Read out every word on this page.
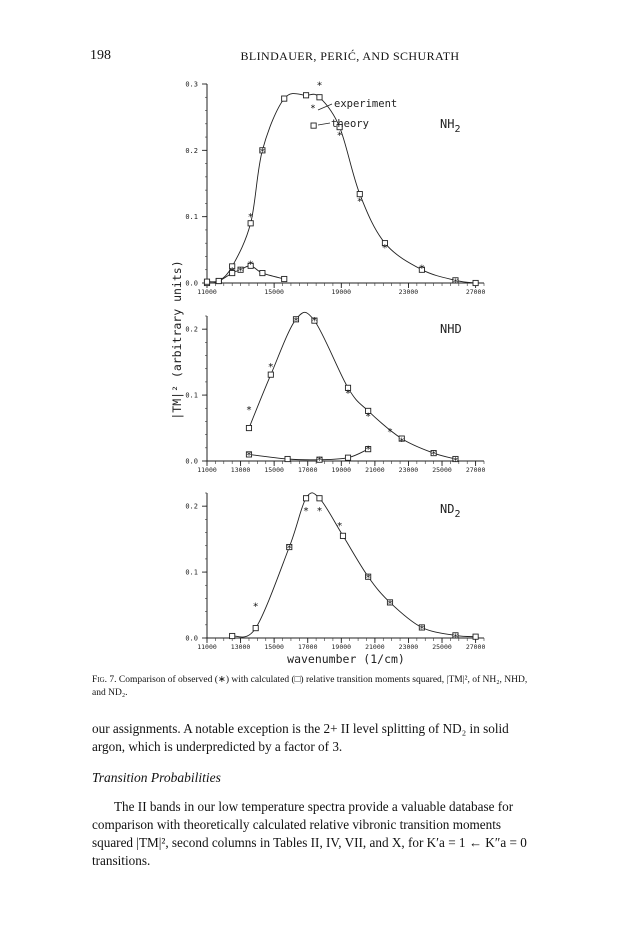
198	BLINDAUER, PERIĆ, AND SCHURATH
11000	15000	19000	23000	27000
0.0
0.1
0.2
0.3
*
*
*
*
*
*
*
*
*
*
$NH_2$
* experiment
theory
11000 13000 15000 17000 19000 21000 23000 25000 27000
0.0
0.1
0.2
*
*
* *
*
*
*
*
*
*
*	*
*
NHD
11000 13000 15000 17000 19000 21000 23000 25000 27000
0.0
0.1
0.2
*
*
* *
*
*
*
*
*
$ND_2$
|TM|² (arbitrary units)
wavenumber (1/cm)
Fig. 7. Comparison of observed (∗) with calculated (□) relative transition moments squared, |TM|², of NH₂, NHD, and ND₂.

our assignments. A notable exception is the 2+ II level splitting of ND₂ in solid argon, which is underpredicted by a factor of 3.

Transition Probabilities

The II bands in our low temperature spectra provide a valuable database for comparison with theoretically calculated relative vibronic transition moments squared |TM|², second columns in Tables II, IV, VII, and X, for K′a = 1 ← K″a = 0 transitions.
